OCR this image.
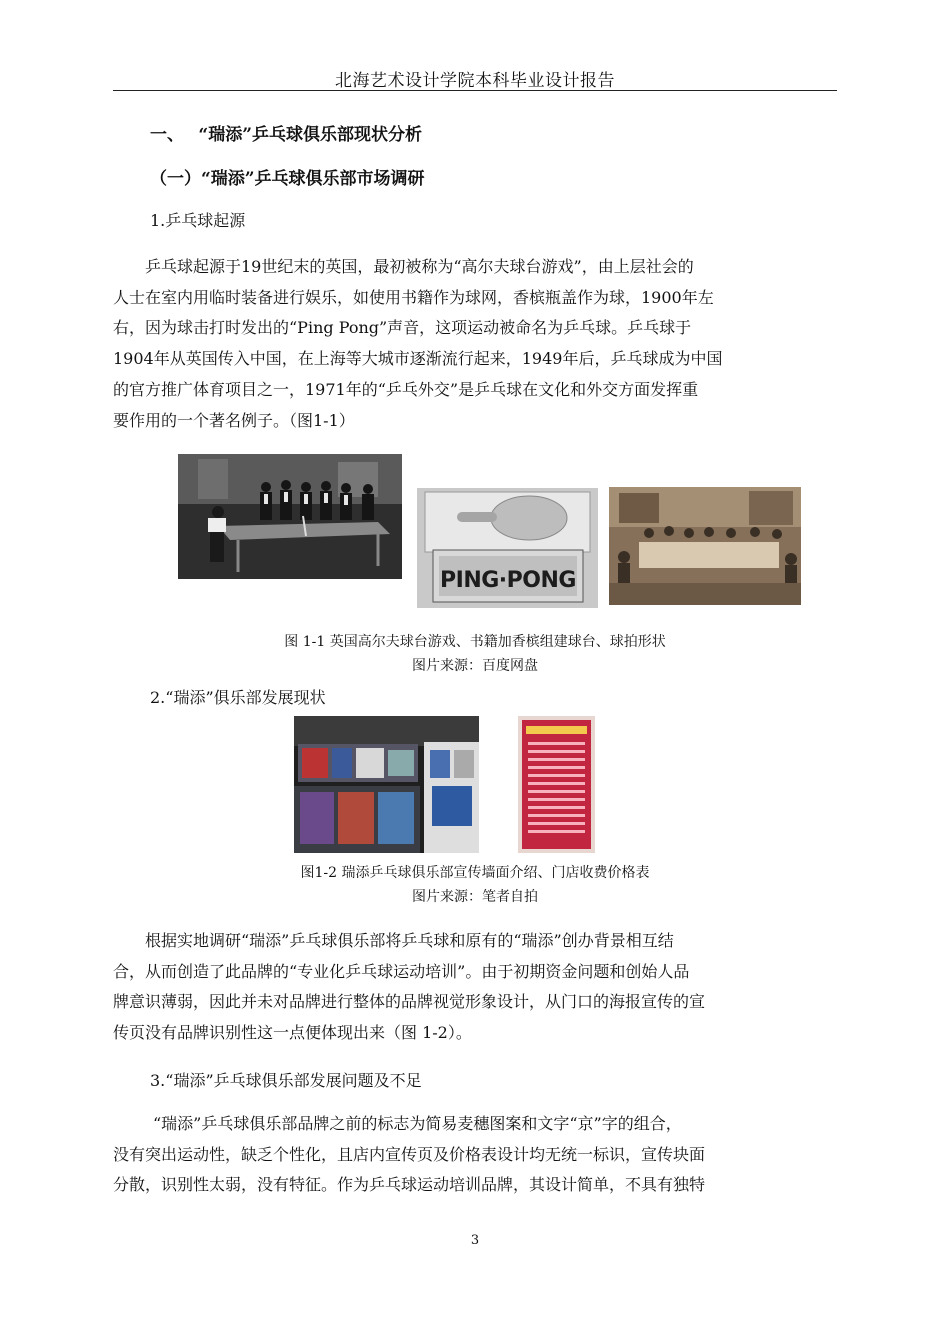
北海艺术设计学院本科毕业设计报告
一、　 “瑞添”乒乓球俱乐部现状分析
（一）“瑞添”乒乓球俱乐部市场调研
1.乒乓球起源
乒乓球起源于19世纪末的英国，最初被称为“高尔夫球台游戏”，由上层社会的
人士在室内用临时装备进行娱乐，如使用书籍作为球网，香槟瓶盖作为球，1900年左
右，因为球击打时发出的“Ping Pong”声音，这项运动被命名为乒乓球。乒乓球于
1904年从英国传入中国，在上海等大城市逐渐流行起来，1949年后，乒乓球成为中国
的官方推广体育项目之一，1971年的“乒乓外交”是乒乓球在文化和外交方面发挥重
要作用的一个著名例子。（图1-1）
PING·PONG
图 1-1 英国高尔夫球台游戏、书籍加香槟组建球台、球拍形状
图片来源：百度网盘
2.“瑞添”俱乐部发展现状
图1-2 瑞添乒乓球俱乐部宣传墙面介绍、门店收费价格表
图片来源：笔者自拍
根据实地调研“瑞添”乒乓球俱乐部将乒乓球和原有的“瑞添”创办背景相互结
合，从而创造了此品牌的“专业化乒乓球运动培训”。由于初期资金问题和创始人品
牌意识薄弱，因此并未对品牌进行整体的品牌视觉形象设计，从门口的海报宣传的宣
传页没有品牌识别性这一点便体现出来（图 1-2）。
3.“瑞添”乒乓球俱乐部发展问题及不足
“瑞添”乒乓球俱乐部品牌之前的标志为简易麦穗图案和文字“京”字的组合，
没有突出运动性，缺乏个性化，且店内宣传页及价格表设计均无统一标识，宣传块面
分散，识别性太弱，没有特征。作为乒乓球运动培训品牌，其设计简单，不具有独特
3
